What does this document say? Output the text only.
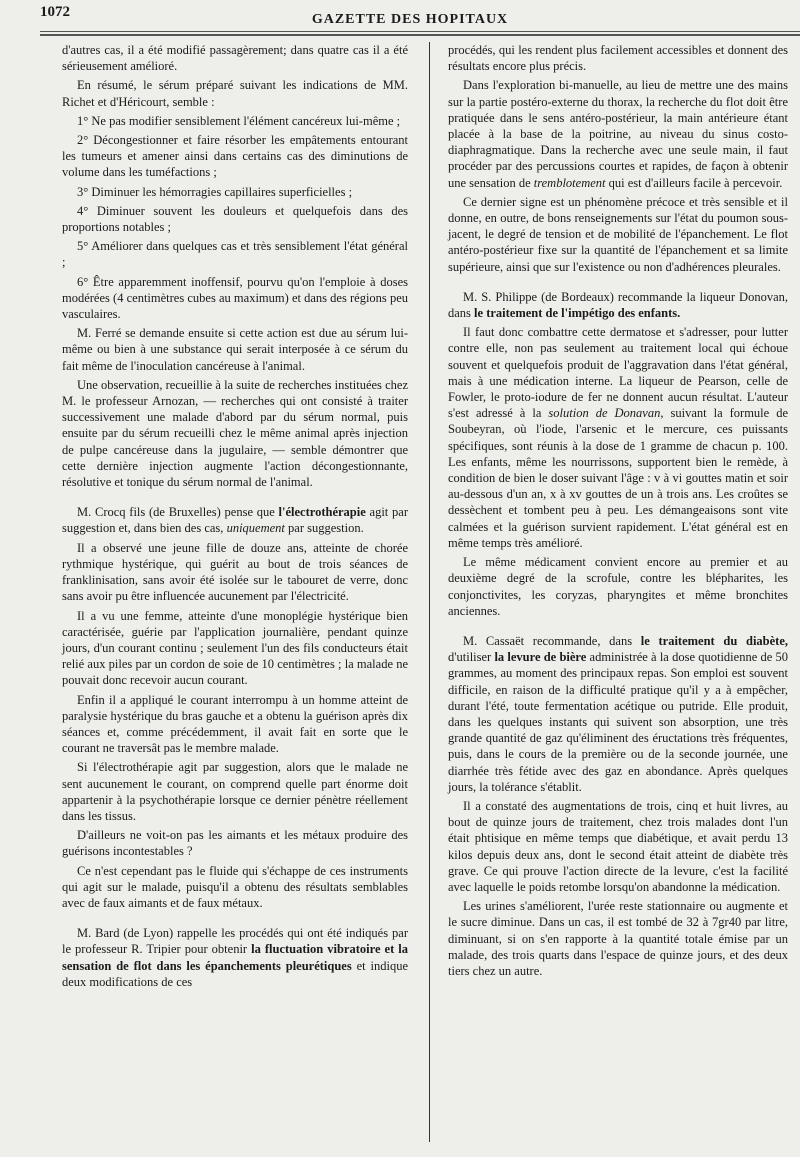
1072	GAZETTE DES HOPITAUX

d'autres cas, il a été modifié passagèrement; dans quatre cas il a été sérieusement amélioré.

En résumé, le sérum préparé suivant les indications de MM. Richet et d'Héricourt, semble :

1° Ne pas modifier sensiblement l'élément cancéreux lui-même ;

2° Décongestionner et faire résorber les empâtements entourant les tumeurs et amener ainsi dans certains cas des diminutions de volume dans les tuméfactions ;

3° Diminuer les hémorragies capillaires superficielles ;

4° Diminuer souvent les douleurs et quelquefois dans des proportions notables ;

5° Améliorer dans quelques cas et très sensiblement l'état général ;

6° Être apparemment inoffensif, pourvu qu'on l'emploie à doses modérées (4 centimètres cubes au maximum) et dans des régions peu vasculaires.

M. Ferré se demande ensuite si cette action est due au sérum lui-même ou bien à une substance qui serait interposée à ce sérum du fait même de l'inoculation cancéreuse à l'animal.

Une observation, recueillie à la suite de recherches instituées chez M. le professeur Arnozan, — recherches qui ont consisté à traiter successivement une malade d'abord par du sérum normal, puis ensuite par du sérum recueilli chez le même animal après injection de pulpe cancéreuse dans la jugulaire, — semble démontrer que cette dernière injection augmente l'action décongestionnante, résolutive et tonique du sérum normal de l'animal.

M. Crocq fils (de Bruxelles) pense que l'électrothérapie agit par suggestion et, dans bien des cas, uniquement par suggestion.

Il a observé une jeune fille de douze ans, atteinte de chorée rythmique hystérique, qui guérit au bout de trois séances de franklinisation, sans avoir été isolée sur le tabouret de verre, donc sans avoir pu être influencée aucunement par l'électricité.

Il a vu une femme, atteinte d'une monoplégie hystérique bien caractérisée, guérie par l'application journalière, pendant quinze jours, d'un courant continu ; seulement l'un des fils conducteurs était relié aux piles par un cordon de soie de 10 centimètres ; la malade ne pouvait donc recevoir aucun courant.

Enfin il a appliqué le courant interrompu à un homme atteint de paralysie hystérique du bras gauche et a obtenu la guérison après dix séances et, comme précédemment, il avait fait en sorte que le courant ne traversât pas le membre malade.

Si l'électrothérapie agit par suggestion, alors que le malade ne sent aucunement le courant, on comprend quelle part énorme doit appartenir à la psychothérapie lorsque ce dernier pénètre réellement dans les tissus.

D'ailleurs ne voit-on pas les aimants et les métaux produire des guérisons incontestables ?

Ce n'est cependant pas le fluide qui s'échappe de ces instruments qui agit sur le malade, puisqu'il a obtenu des résultats semblables avec de faux aimants et de faux métaux.

M. Bard (de Lyon) rappelle les procédés qui ont été indiqués par le professeur R. Tripier pour obtenir la fluctuation vibratoire et la sensation de flot dans les épanchements pleurétiques et indique deux modifications de ces

procédés, qui les rendent plus facilement accessibles et donnent des résultats encore plus précis.

Dans l'exploration bi-manuelle, au lieu de mettre une des mains sur la partie postéro-externe du thorax, la recherche du flot doit être pratiquée dans le sens antéro-postérieur, la main antérieure étant placée à la base de la poitrine, au niveau du sinus costo-diaphragmatique. Dans la recherche avec une seule main, il faut procéder par des percussions courtes et rapides, de façon à obtenir une sensation de tremblotement qui est d'ailleurs facile à percevoir.

Ce dernier signe est un phénomène précoce et très sensible et il donne, en outre, de bons renseignements sur l'état du poumon sous-jacent, le degré de tension et de mobilité de l'épanchement. Le flot antéro-postérieur fixe sur la quantité de l'épanchement et sa limite supérieure, ainsi que sur l'existence ou non d'adhérences pleurales.

M. S. Philippe (de Bordeaux) recommande la liqueur Donovan, dans le traitement de l'impétigo des enfants.

Il faut donc combattre cette dermatose et s'adresser, pour lutter contre elle, non pas seulement au traitement local qui échoue souvent et quelquefois produit de l'aggravation dans l'état général, mais à une médication interne. La liqueur de Pearson, celle de Fowler, le proto-iodure de fer ne donnent aucun résultat. L'auteur s'est adressé à la solution de Donavan, suivant la formule de Soubeyran, où l'iode, l'arsenic et le mercure, ces puissants spécifiques, sont réunis à la dose de 1 gramme de chacun p. 100. Les enfants, même les nourrissons, supportent bien le remède, à condition de bien le doser suivant l'âge : v à vi gouttes matin et soir au-dessous d'un an, x à xv gouttes de un à trois ans. Les croûtes se dessèchent et tombent peu à peu. Les démangeaisons sont vite calmées et la guérison survient rapidement. L'état général est en même temps très amélioré.

Le même médicament convient encore au premier et au deuxième degré de la scrofule, contre les blépharites, les conjonctivites, les coryzas, pharyngites et même bronchites anciennes.

M. Cassaët recommande, dans le traitement du diabète, d'utiliser la levure de bière administrée à la dose quotidienne de 50 grammes, au moment des principaux repas. Son emploi est souvent difficile, en raison de la difficulté pratique qu'il y a à empêcher, durant l'été, toute fermentation acétique ou putride. Elle produit, dans les quelques instants qui suivent son absorption, une très grande quantité de gaz qu'éliminent des éructations très fréquentes, puis, dans le cours de la première ou de la seconde journée, une diarrhée très fétide avec des gaz en abondance. Après quelques jours, la tolérance s'établit.

Il a constaté des augmentations de trois, cinq et huit livres, au bout de quinze jours de traitement, chez trois malades dont l'un était phtisique en même temps que diabétique, et avait perdu 13 kilos depuis deux ans, dont le second était atteint de diabète très grave. Ce qui prouve l'action directe de la levure, c'est la facilité avec laquelle le poids retombe lorsqu'on abandonne la médication.

Les urines s'améliorent, l'urée reste stationnaire ou augmente et le sucre diminue. Dans un cas, il est tombé de 32 à 7gr40 par litre, diminuant, si on s'en rapporte à la quantité totale émise par un malade, des trois quarts dans l'espace de quinze jours, et des deux tiers chez un autre.
